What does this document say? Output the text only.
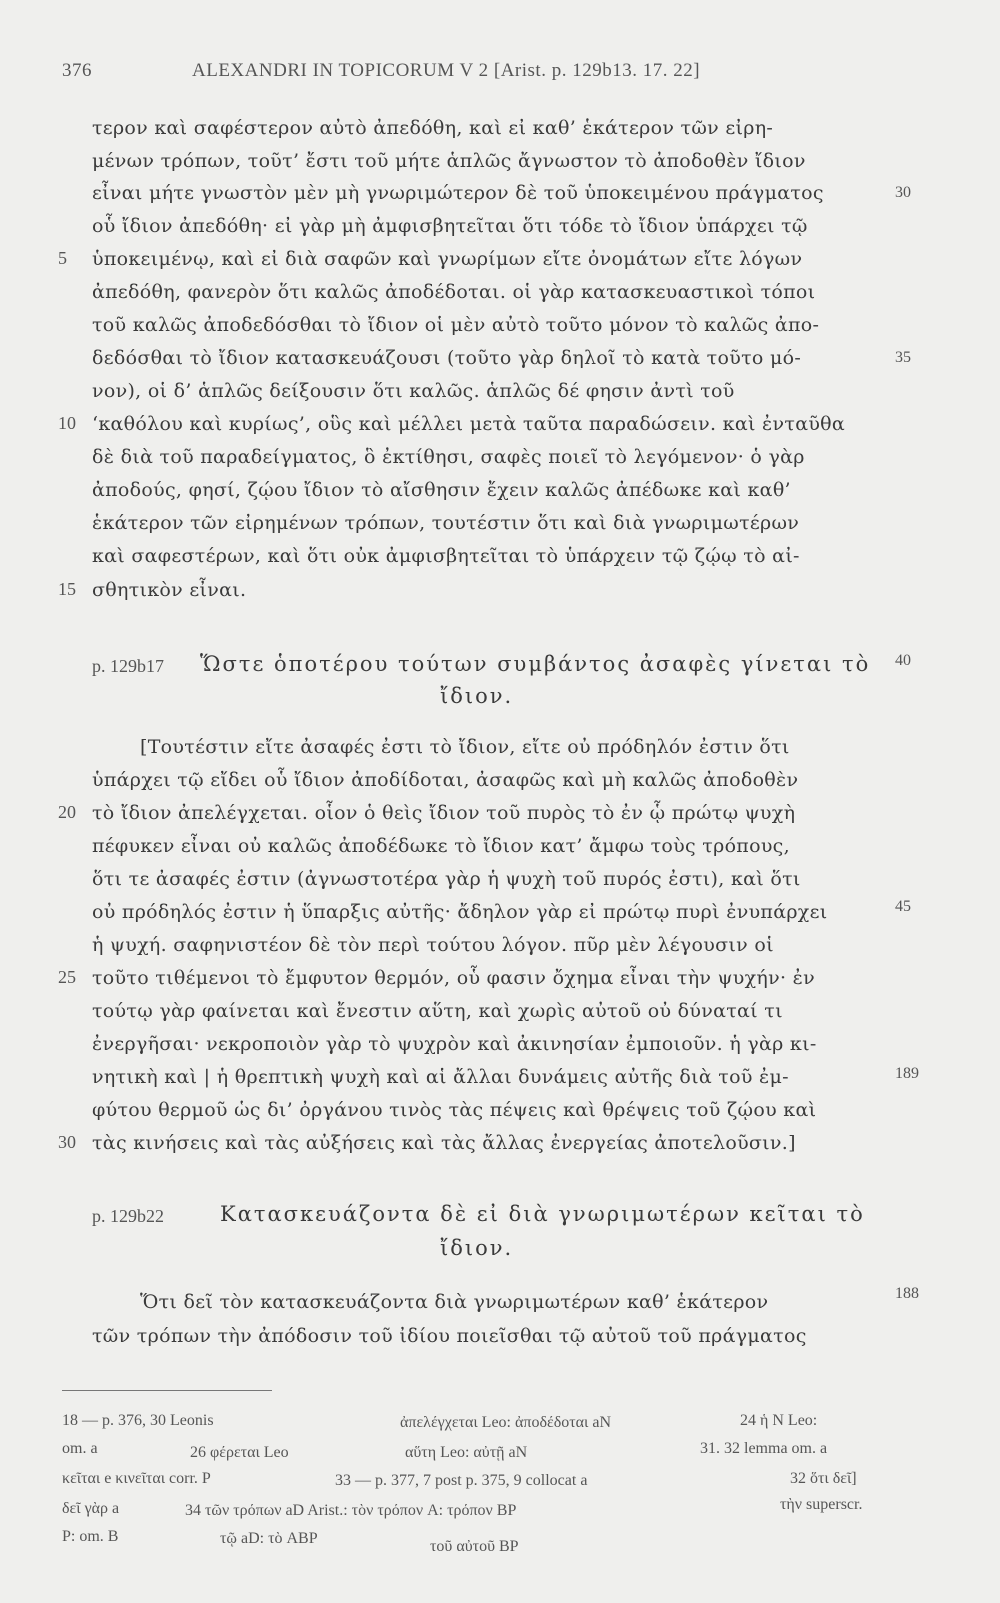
376	ALEXANDRI IN TOPICORUM V 2 [Arist. p. 129b13. 17. 22]
τερον καὶ σαφέστερον αὐτὸ ἀπεδόθη, καὶ εἰ καθ’ ἑκάτερον τῶν εἰρη-
μένων τρόπων, τοῦτ’ ἔστι τοῦ μήτε ἁπλῶς ἄγνωστον τὸ ἀποδοθὲν ἴδιον
εἶναι μήτε γνωστὸν μὲν μὴ γνωριμώτερον δὲ τοῦ ὑποκειμένου πράγματος
οὗ ἴδιον ἀπεδόθη· εἰ γὰρ μὴ ἀμφισβητεῖται ὅτι τόδε τὸ ἴδιον ὑπάρχει τῷ
ὑποκειμένῳ, καὶ εἰ διὰ σαφῶν καὶ γνωρίμων εἴτε ὀνομάτων εἴτε λόγων
ἀπεδόθη, φανερὸν ὅτι καλῶς ἀποδέδοται. οἱ γὰρ κατασκευαστικοὶ τόποι
τοῦ καλῶς ἀποδεδόσθαι τὸ ἴδιον οἱ μὲν αὐτὸ τοῦτο μόνον τὸ καλῶς ἀπο-
δεδόσθαι τὸ ἴδιον κατασκευάζουσι (τοῦτο γὰρ δηλοῖ τὸ κατὰ τοῦτο μό-
νον), οἱ δ’ ἁπλῶς δείξουσιν ὅτι καλῶς. ἁπλῶς δέ φησιν ἀντὶ τοῦ
‘καθόλου καὶ κυρίως’, οὓς καὶ μέλλει μετὰ ταῦτα παραδώσειν. καὶ ἐνταῦθα
δὲ διὰ τοῦ παραδείγματος, ὃ ἐκτίθησι, σαφὲς ποιεῖ τὸ λεγόμενον· ὁ γὰρ
ἀποδούς, φησί, ζῴου ἴδιον τὸ αἴσθησιν ἔχειν καλῶς ἀπέδωκε καὶ καθ’
ἑκάτερον τῶν εἰρημένων τρόπων, τουτέστιν ὅτι καὶ διὰ γνωριμωτέρων
καὶ σαφεστέρων, καὶ ὅτι οὐκ ἀμφισβητεῖται τὸ ὑπάρχειν τῷ ζῴῳ τὸ αἰ-
σθητικὸν εἶναι.
p. 129b17 Ὥστε ὁποτέρου τούτων συμβάντος ἀσαφὲς γίνεται τὸ
ἴδιον.
[Τουτέστιν εἴτε ἀσαφές ἐστι τὸ ἴδιον, εἴτε οὐ πρόδηλόν ἐστιν ὅτι
ὑπάρχει τῷ εἴδει οὗ ἴδιον ἀποδίδοται, ἀσαφῶς καὶ μὴ καλῶς ἀποδοθὲν
τὸ ἴδιον ἀπελέγχεται. οἷον ὁ θεὶς ἴδιον τοῦ πυρὸς τὸ ἐν ᾧ πρώτῳ ψυχὴ
πέφυκεν εἶναι οὐ καλῶς ἀποδέδωκε τὸ ἴδιον κατ’ ἄμφω τοὺς τρόπους,
ὅτι τε ἀσαφές ἐστιν (ἀγνωστοτέρα γὰρ ἡ ψυχὴ τοῦ πυρός ἐστι), καὶ ὅτι
οὐ πρόδηλός ἐστιν ἡ ὕπαρξις αὐτῆς· ἄδηλον γὰρ εἰ πρώτῳ πυρὶ ἐνυπάρχει
ἡ ψυχή. σαφηνιστέον δὲ τὸν περὶ τούτου λόγον. πῦρ μὲν λέγουσιν οἱ
τοῦτο τιθέμενοι τὸ ἔμφυτον θερμόν, οὗ φασιν ὄχημα εἶναι τὴν ψυχήν· ἐν
τούτῳ γὰρ φαίνεται καὶ ἔνεστιν αὕτη, καὶ χωρὶς αὐτοῦ οὐ δύναταί τι
ἐνεργῆσαι· νεκροποιὸν γὰρ τὸ ψυχρὸν καὶ ἀκινησίαν ἐμποιοῦν. ἡ γὰρ κι-
νητικὴ καὶ | ἡ θρεπτικὴ ψυχὴ καὶ αἱ ἄλλαι δυνάμεις αὐτῆς διὰ τοῦ ἐμ-
φύτου θερμοῦ ὡς δι’ ὀργάνου τινὸς τὰς πέψεις καὶ θρέψεις τοῦ ζῴου καὶ
τὰς κινήσεις καὶ τὰς αὐξήσεις καὶ τὰς ἄλλας ἐνεργείας ἀποτελοῦσιν.]
p. 129b22	Κατασκευάζοντα δὲ εἰ διὰ γνωριμωτέρων κεῖται τὸ
ἴδιον.
Ὅτι δεῖ τὸν κατασκευάζοντα διὰ γνωριμωτέρων καθ’ ἑκάτερον
τῶν τρόπων τὴν ἀπόδοσιν τοῦ ἰδίου ποιεῖσθαι τῷ αὐτοῦ τοῦ πράγματος
5
10
15
20
25
30
30
35
40
45
189
188
18 — p. 376, 30 Leonis	ἀπελέγχεται Leo: ἀποδέδοται aN	24 ἡ N Leo:
om. a	26 φέρεται Leo	αὕτη Leo: αὐτῇ aN	31. 32 lemma om. a
κεῖται e κινεῖται corr. P	33 — p. 377, 7 post p. 375, 9 collocat a	32 ὅτι δεῖ]
δεῖ γὰρ a	34 τῶν τρόπων aD Arist.: τὸν τρόπον A: τρόπον BP	τὴν superscr.
P: om. B	τῷ aD: τὸ ABP	τοῦ αὐτοῦ BP
